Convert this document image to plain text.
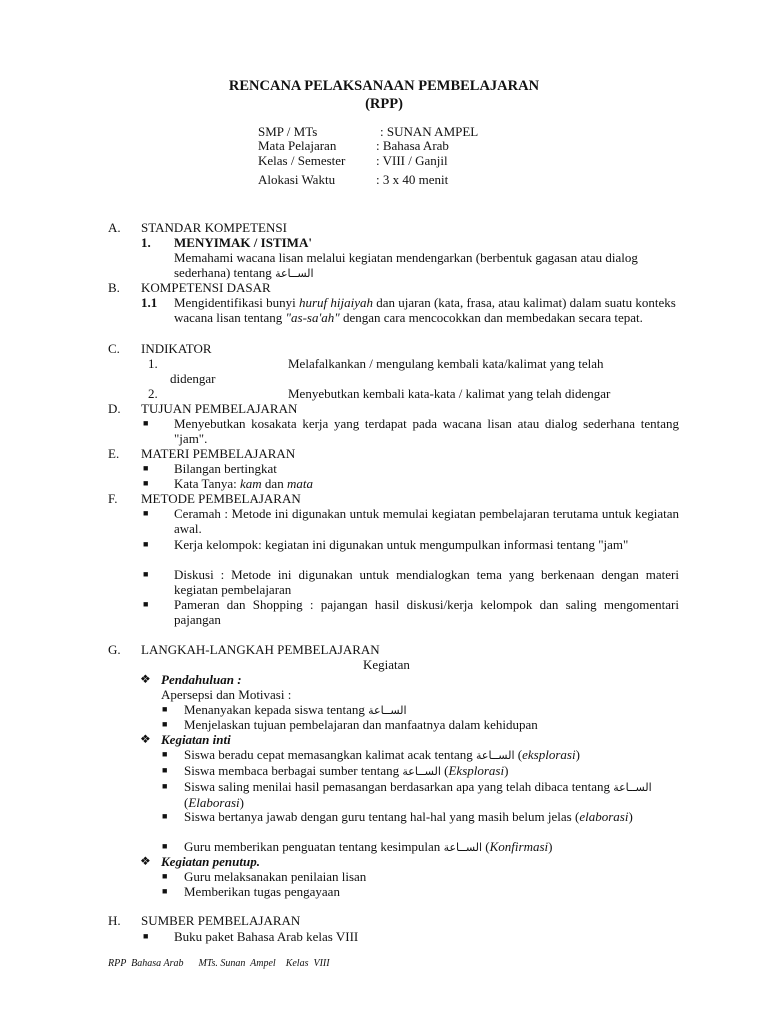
RENCANA PELAKSANAAN PEMBELAJARAN
(RPP)
SMP / MTs	: SUNAN AMPEL
Mata Pelajaran	: Bahasa Arab
Kelas / Semester : VIII / Ganjil
Alokasi Waktu	: 3 x 40 menit
A. STANDAR KOMPETENSI
1. MENYIMAK / ISTIMA'
Memahami wacana lisan melalui kegiatan mendengarkan (berbentuk gagasan atau dialog sederhana) tentang الســاعة
B. KOMPETENSI DASAR
1.1 Mengidentifikasi bunyi huruf hijaiyah dan ujaran (kata, frasa, atau kalimat) dalam suatu konteks wacana lisan tentang "as-sa'ah" dengan cara mencocokkan dan membedakan secara tepat.
C. INDIKATOR
1.	Melafalkankan / mengulang kembali kata/kalimat yang telah
didengar
2.	Menyebutkan kembali kata-kata / kalimat yang telah didengar
D. TUJUAN PEMBELAJARAN
■ Menyebutkan kosakata kerja yang terdapat pada wacana lisan atau dialog sederhana tentang "jam".
E. MATERI PEMBELAJARAN
■ Bilangan bertingkat
■ Kata Tanya: kam dan mata
F. METODE PEMBELAJARAN
■ Ceramah : Metode ini digunakan untuk memulai kegiatan pembelajaran terutama untuk kegiatan awal.
■ Kerja kelompok: kegiatan ini digunakan untuk mengumpulkan informasi tentang "jam"
■ Diskusi : Metode ini digunakan untuk mendialogkan tema yang berkenaan dengan materi kegiatan pembelajaran
■ Pameran dan Shopping : pajangan hasil diskusi/kerja kelompok dan saling mengomentari pajangan
G. LANGKAH-LANGKAH PEMBELAJARAN
Kegiatan
❖ Pendahuluan :
Apersepsi dan Motivasi :
■ Menanyakan kepada siswa tentang الســاعة
■ Menjelaskan tujuan pembelajaran dan manfaatnya dalam kehidupan
❖ Kegiatan inti
■ Siswa beradu cepat memasangkan kalimat acak tentang الســاعة (eksplorasi)
■ Siswa membaca berbagai sumber tentang الســاعة (Eksplorasi)
■ Siswa saling menilai hasil pemasangan berdasarkan apa yang telah dibaca tentang الســاعة (Elaborasi)
■ Siswa bertanya jawab dengan guru tentang hal-hal yang masih belum jelas (elaborasi)
■ Guru memberikan penguatan tentang kesimpulan الســاعة (Konfirmasi)
❖ Kegiatan penutup.
■ Guru melaksanakan penilaian lisan
■ Memberikan tugas pengayaan
H. SUMBER PEMBELAJARAN
■ Buku paket Bahasa Arab kelas VIII
RPP  Bahasa Arab      MTs. Sunan  Ampel    Kelas  VIII
